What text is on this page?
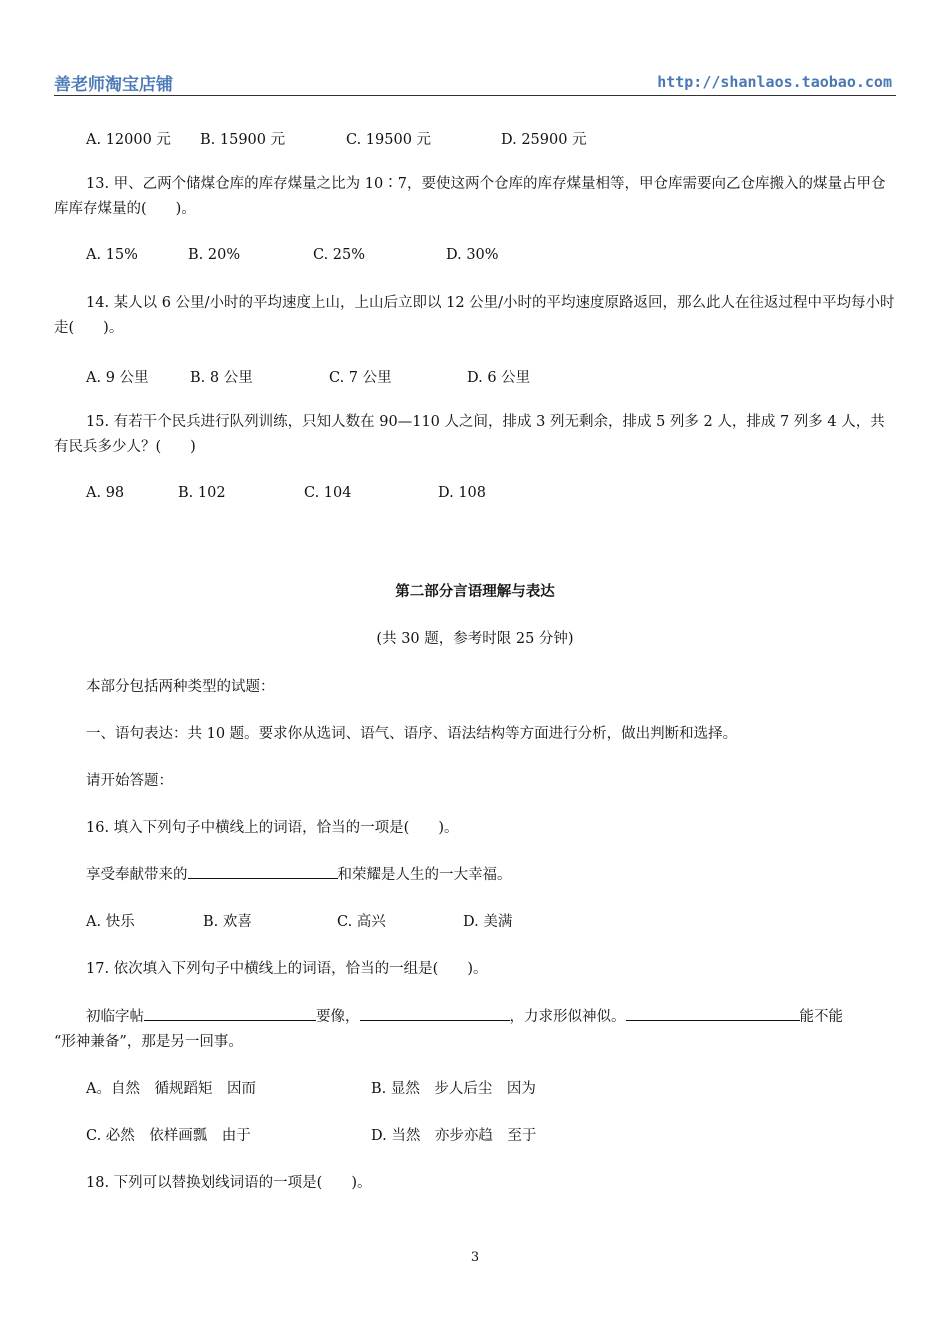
善老师淘宝店铺	http://shanlaos.taobao.com
A. 12000 元 B. 15900 元	C. 19500 元	D. 25900 元
13. 甲、乙两个储煤仓库的库存煤量之比为 10∶7，要使这两个仓库的库存煤量相等，甲仓库需要向乙仓库搬入的煤量占甲仓库库存煤量的(　　)。
A. 15%	B. 20%	C. 25%	D. 30%
14. 某人以 6 公里/小时的平均速度上山，上山后立即以 12 公里/小时的平均速度原路返回，那么此人在往返过程中平均每小时走(　　)。
A. 9 公里	B. 8 公里	C. 7 公里	D. 6 公里
15. 有若干个民兵进行队列训练，只知人数在 90—110 人之间，排成 3 列无剩余，排成 5 列多 2 人，排成 7 列多 4 人，共有民兵多少人？(　　)
A. 98	B. 102	C. 104	D. 108
第二部分言语理解与表达
(共 30 题，参考时限 25 分钟)
本部分包括两种类型的试题：
一、语句表达：共 10 题。要求你从选词、语气、语序、语法结构等方面进行分析，做出判断和选择。
请开始答题：
16. 填入下列句子中横线上的词语，恰当的一项是(　　)。
享受奉献带来的	和荣耀是人生的一大幸福。
A. 快乐	B. 欢喜	C. 高兴	D. 美满
17. 依次填入下列句子中横线上的词语，恰当的一组是(　　)。
初临字帖	要像，	，力求形似神似。	能不能
“形神兼备”，那是另一回事。
A。自然　循规蹈矩　因而	B. 显然　步人后尘　因为
C. 必然　依样画瓢　由于	D. 当然　亦步亦趋　至于
18. 下列可以替换划线词语的一项是(　　)。
3
